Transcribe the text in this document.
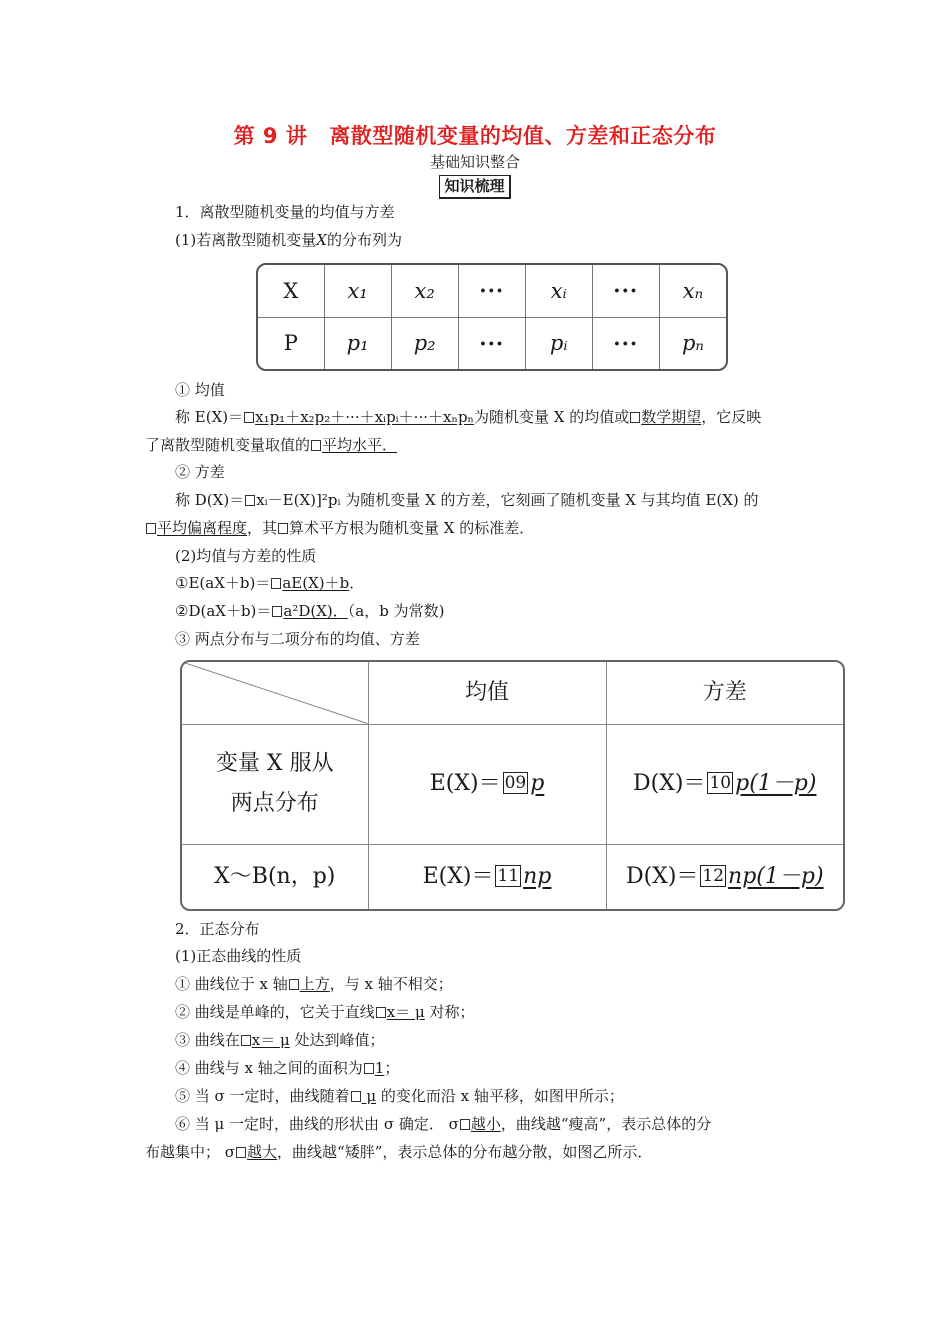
第 9 讲 离散型随机变量的均值、方差和正态分布
基础知识整合
知识梳理
1．离散型随机变量的均值与方差
(1)若离散型随机变量X的分布列为
X	x₁	x₂	···	xᵢ	···	xₙ
P	p₁	p₂	···	pᵢ	···	pₙ
① 均值
称 E(X)＝ x₁p₁＋x₂p₂＋···＋xᵢpᵢ＋···＋xₙpₙ为随机变量 X 的均值或 数学期望，它反映
了离散型随机变量取值的 平均水平．
② 方差
称 D(X)＝ xᵢ－E(X)]²pᵢ 为随机变量 X 的方差，它刻画了随机变量 X 与其均值 E(X) 的
平均偏离程度，其 算术平方根为随机变量 X 的标准差．
(2)均值与方差的性质
①E(aX＋b)＝ aE(X)＋b．
②D(aX＋b)＝ a²D(X)．（a，b 为常数)
③ 两点分布与二项分布的均值、方差
	均值	方差

变量 X 服从
两点分布	E(X)＝ 09 p	D(X)＝ 10 p(1－p)
X～B(n，p)	E(X)＝ 11 np	D(X)＝ 12 np(1－p)
2．正态分布
(1)正态曲线的性质
① 曲线位于 x 轴 上方，与 x 轴不相交；
② 曲线是单峰的，它关于直线 x＝ μ 对称；
③ 曲线在 x＝ μ 处达到峰值；
④ 曲线与 x 轴之间的面积为 1；
⑤ 当 σ 一定时，曲线随着 μ 的变化而沿 x 轴平移，如图甲所示；
⑥ 当 μ 一定时，曲线的形状由 σ 确定． σ 越小，曲线越“瘦高”，表示总体的分
布越集中； σ 越大，曲线越“矮胖”，表示总体的分布越分散，如图乙所示．
